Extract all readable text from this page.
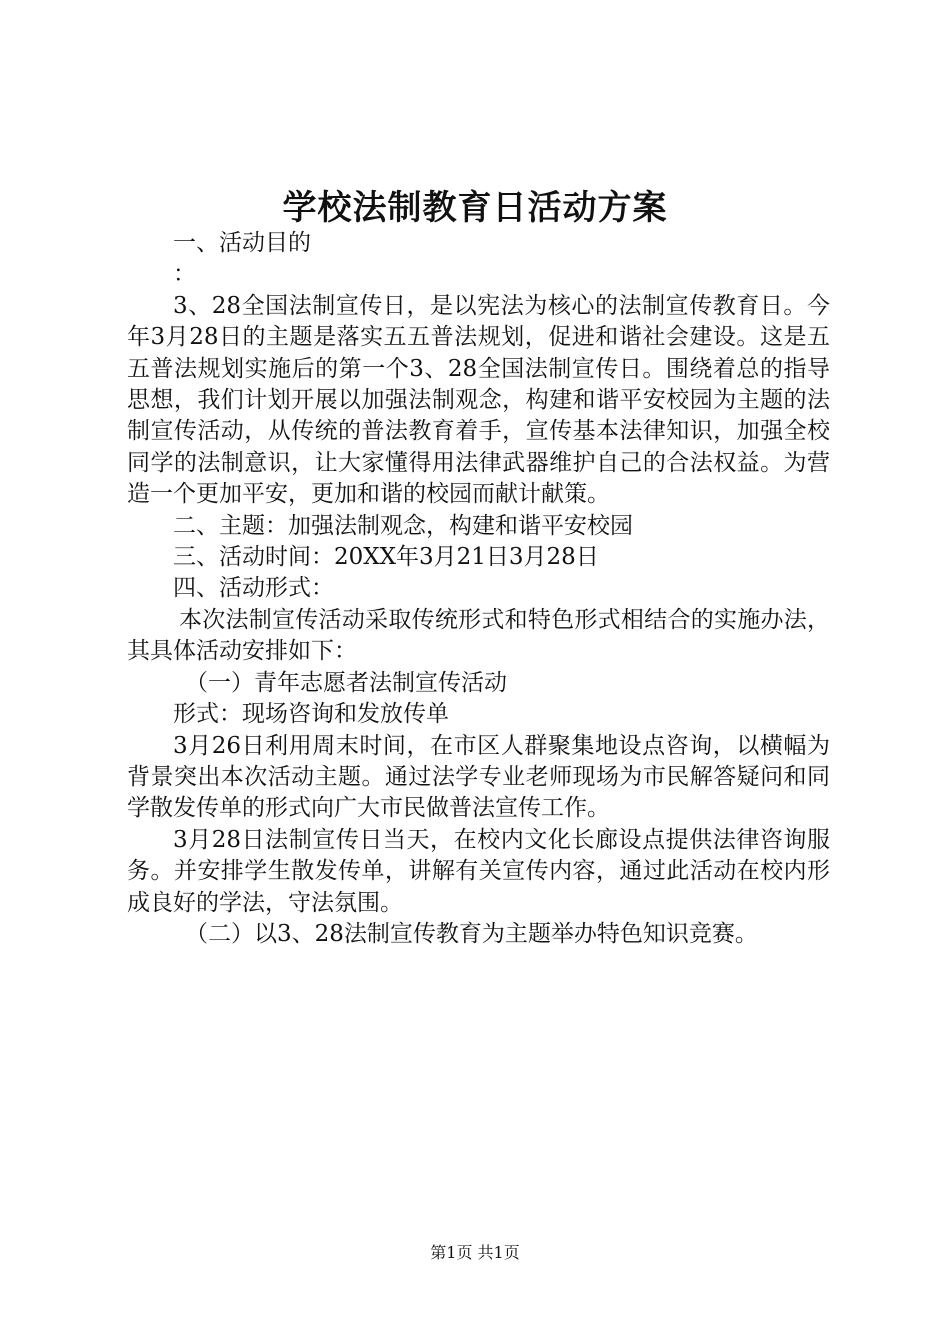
学校法制教育日活动方案

一、活动目的

：

3、28全国法制宣传日，是以宪法为核心的法制宣传教育日。今年3月28日的主题是落实五五普法规划，促进和谐社会建设。这是五五普法规划实施后的第一个3、28全国法制宣传日。围绕着总的指导思想，我们计划开展以加强法制观念，构建和谐平安校园为主题的法制宣传活动，从传统的普法教育着手，宣传基本法律知识，加强全校同学的法制意识，让大家懂得用法律武器维护自己的合法权益。为营造一个更加平安，更加和谐的校园而献计献策。

二、主题：加强法制观念，构建和谐平安校园

三、活动时间：20XX年3月21日3月28日

四、活动形式：

本次法制宣传活动采取传统形式和特色形式相结合的实施办法，其具体活动安排如下：

（一）青年志愿者法制宣传活动

形式：现场咨询和发放传单

3月26日利用周末时间，在市区人群聚集地设点咨询，以横幅为背景突出本次活动主题。通过法学专业老师现场为市民解答疑问和同学散发传单的形式向广大市民做普法宣传工作。

3月28日法制宣传日当天，在校内文化长廊设点提供法律咨询服务。并安排学生散发传单，讲解有关宣传内容，通过此活动在校内形成良好的学法，守法氛围。

（二）以3、28法制宣传教育为主题举办特色知识竞赛。

第1页 共1页
